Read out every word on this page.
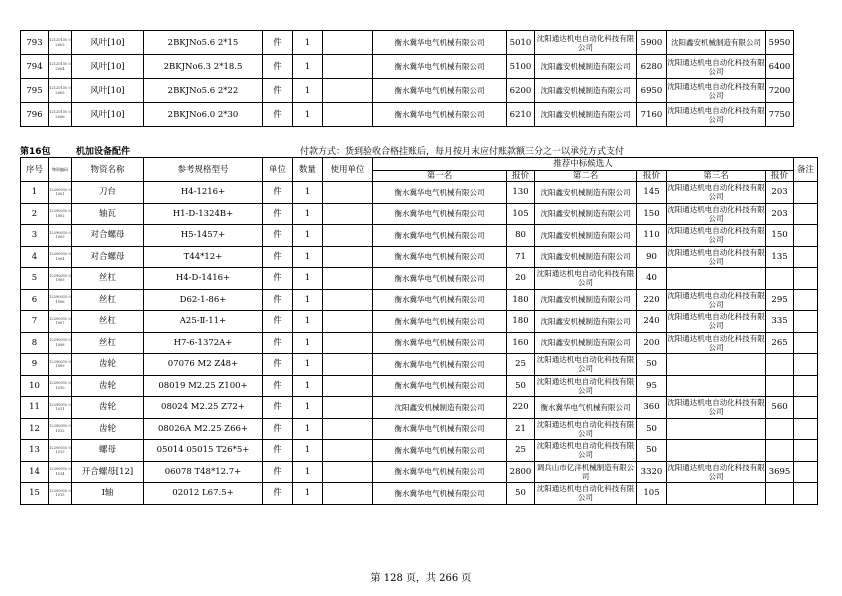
793	12120150 02003	风叶[10]	2BKJNo5.6 2*15	件	1		衡水冀华电气机械有限公司	5010	沈阳通达机电自动化科技有限公司	5900	沈阳鑫安机械制造有限公司	5950
794	12120150 02004	风叶[10]	2BKJNo6.3 2*18.5	件	1		衡水冀华电气机械有限公司	5100	沈阳鑫安机械制造有限公司	6280	沈阳通达机电自动化科技有限公司	6400
795	12120150 02005	风叶[10]	2BKJNo5.6 2*22	件	1		衡水冀华电气机械有限公司	6200	沈阳鑫安机械制造有限公司	6950	沈阳通达机电自动化科技有限公司	7200
796	12120150 02006	风叶[10]	2BKJNo6.0 2*30	件	1		衡水冀华电气机械有限公司	6210	沈阳鑫安机械制造有限公司	7160	沈阳通达机电自动化科技有限公司	7750
第16包	机加设备配件	付款方式：货到验收合格挂账后，每月按月末应付账款额三分之一以承兑方式支付
序号	物资编码	物资名称	参考规格型号	单位	数量	使用单位	推荐中标候选人						备注
							第一名	报价	第二名	报价	第三名	报价	
1	12290010 01001	刀台	H4-1216+	件	1		衡水冀华电气机械有限公司	130	沈阳鑫安机械制造有限公司	145	沈阳通达机电自动化科技有限公司	203	
2	12290010 01002	轴瓦	H1-D-1324B+	件	1		衡水冀华电气机械有限公司	105	沈阳鑫安机械制造有限公司	150	沈阳通达机电自动化科技有限公司	203	
3	12290010 01003	对合螺母	H5-1457+	件	1		衡水冀华电气机械有限公司	80	沈阳鑫安机械制造有限公司	110	沈阳通达机电自动化科技有限公司	150	
4	12290010 01004	对合螺母	T44*12+	件	1		衡水冀华电气机械有限公司	71	沈阳鑫安机械制造有限公司	90	沈阳通达机电自动化科技有限公司	135	
5	12290010 01005	丝杠	H4-D-1416+	件	1		衡水冀华电气机械有限公司	20	沈阳通达机电自动化科技有限公司	40			
6	12290010 01006	丝杠	D62-1-86+	件	1		衡水冀华电气机械有限公司	180	沈阳鑫安机械制造有限公司	220	沈阳通达机电自动化科技有限公司	295	
7	12290010 01007	丝杠	A25-Ⅱ-11+	件	1		衡水冀华电气机械有限公司	180	沈阳鑫安机械制造有限公司	240	沈阳通达机电自动化科技有限公司	335	
8	12290010 01008	丝杠	H7-6-1372A+	件	1		衡水冀华电气机械有限公司	160	沈阳鑫安机械制造有限公司	200	沈阳通达机电自动化科技有限公司	265	
9	12290010 01009	齿轮	07076 M2 Z48+	件	1		衡水冀华电气机械有限公司	25	沈阳通达机电自动化科技有限公司	50			
10	12290010 01010	齿轮	08019 M2.25 Z100+	件	1		衡水冀华电气机械有限公司	50	沈阳通达机电自动化科技有限公司	95			
11	12290010 01011	齿轮	08024 M2.25 Z72+	件	1		沈阳鑫安机械制造有限公司	220	衡水冀华电气机械有限公司	360	沈阳通达机电自动化科技有限公司	560	
12	12290010 01012	齿轮	08026A M2.25 Z66+	件	1		衡水冀华电气机械有限公司	21	沈阳通达机电自动化科技有限公司	50			
13	12290010 01013	螺母	05014 05015 T26*5+	件	1		衡水冀华电气机械有限公司	25	沈阳通达机电自动化科技有限公司	50			
14	12290010 01014	开合螺母[12]	06078 T48*12.7+	件	1		衡水冀华电气机械有限公司	2800	调兵山市亿洋机械制造有限公司	3320	沈阳通达机电自动化科技有限公司	3695	
15	12290010 01015	I轴	02012 L67.5+	件	1		衡水冀华电气机械有限公司	50	沈阳通达机电自动化科技有限公司	105			
第 128 页，共 266 页
